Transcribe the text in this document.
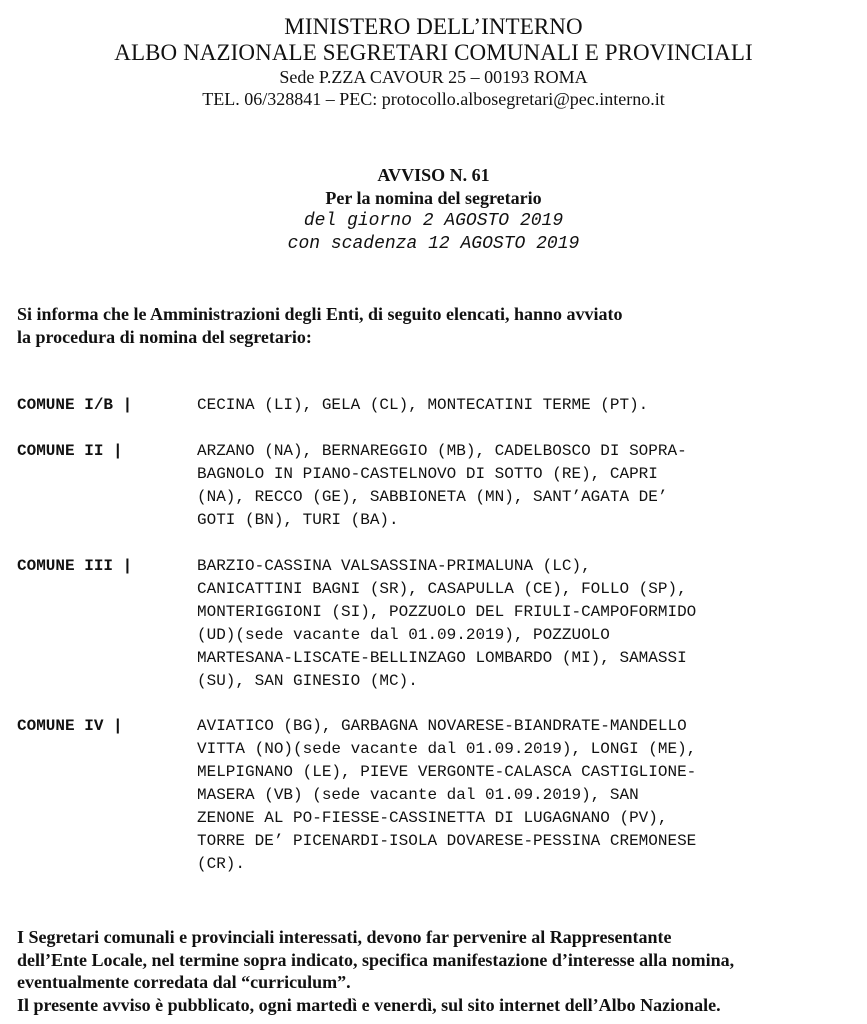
MINISTERO DELL’INTERNO
ALBO NAZIONALE SEGRETARI COMUNALI E PROVINCIALI
Sede P.ZZA CAVOUR 25 – 00193 ROMA
TEL. 06/328841 – PEC: protocollo.albosegretari@pec.interno.it
AVVISO N. 61
Per la nomina del segretario
del giorno 2 AGOSTO 2019
con scadenza 12 AGOSTO 2019
Si informa che le Amministrazioni degli Enti, di seguito elencati, hanno avviato
la procedura di nomina del segretario:
COMUNE I/B |	CECINA (LI), GELA (CL), MONTECATINI TERME (PT).
COMUNE II |	ARZANO (NA), BERNAREGGIO (MB), CADELBOSCO DI SOPRA-
BAGNOLO IN PIANO-CASTELNOVO DI SOTTO (RE), CAPRI
(NA), RECCO (GE), SABBIONETA (MN), SANT’AGATA DE’
GOTI (BN), TURI (BA).
COMUNE III |	BARZIO-CASSINA VALSASSINA-PRIMALUNA (LC),
CANICATTINI BAGNI (SR), CASAPULLA (CE), FOLLO (SP),
MONTERIGGIONI (SI), POZZUOLO DEL FRIULI-CAMPOFORMIDO
(UD)(sede vacante dal 01.09.2019), POZZUOLO
MARTESANA-LISCATE-BELLINZAGO LOMBARDO (MI), SAMASSI
(SU), SAN GINESIO (MC).
COMUNE IV |	AVIATICO (BG), GARBAGNA NOVARESE-BIANDRATE-MANDELLO
VITTA (NO)(sede vacante dal 01.09.2019), LONGI (ME),
MELPIGNANO (LE), PIEVE VERGONTE-CALASCA CASTIGLIONE-
MASERA (VB) (sede vacante dal 01.09.2019), SAN
ZENONE AL PO-FIESSE-CASSINETTA DI LUGAGNANO (PV),
TORRE DE’ PICENARDI-ISOLA DOVARESE-PESSINA CREMONESE
(CR).
I Segretari comunali e provinciali interessati, devono far pervenire al Rappresentante
dell’Ente Locale, nel termine sopra indicato, specifica manifestazione d’interesse alla nomina,
eventualmente corredata dal “curriculum”.
Il presente avviso è pubblicato, ogni martedì e venerdì, sul sito internet dell’Albo Nazionale.
